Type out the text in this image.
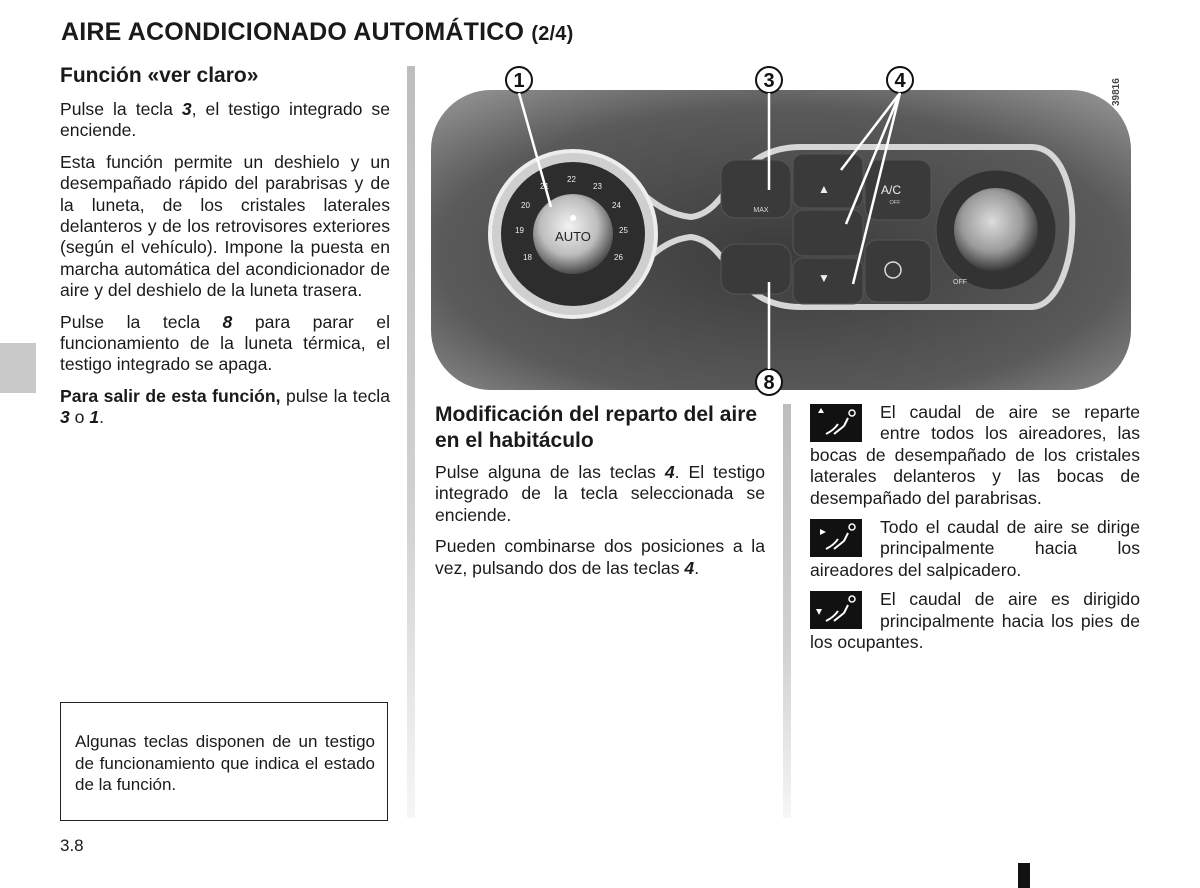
AIRE ACONDICIONADO AUTOMÁTICO (2/4)
Función «ver claro»

Pulse la tecla 3, el testigo integrado se enciende.

Esta función permite un deshielo y un desempañado rápido del parabrisas y de la luneta, de los cristales laterales delanteros y de los retrovisores exteriores (según el vehículo). Impone la puesta en marcha automática del acondicionador de aire y del deshielo de la luneta trasera.

Pulse la tecla 8 para parar el funcionamiento de la luneta térmica, el testigo integrado se apaga.

Para salir de esta función, pulse la tecla 3 o 1.

Algunas teclas disponen de un testigo de funcionamiento que indica el estado de la función.

AUTO
18
19
20
21
22
23
24
25
26
MAX
▲
▼
A/C
OFF
OFF
1	3	4
8
39816
Modificación del reparto del aire en el habitáculo

Pulse alguna de las teclas 4. El testigo integrado de la tecla seleccionada se enciende.

Pueden combinarse dos posiciones a la vez, pulsando dos de las teclas 4.

El caudal de aire se reparte entre todos los aireadores, las bocas de desempañado de los cristales laterales delanteros y las bocas de desempañado del parabrisas.

Todo el caudal de aire se dirige principalmente hacia los aireadores del salpicadero.

El caudal de aire es dirigido principalmente hacia los pies de los ocupantes.

3.8
